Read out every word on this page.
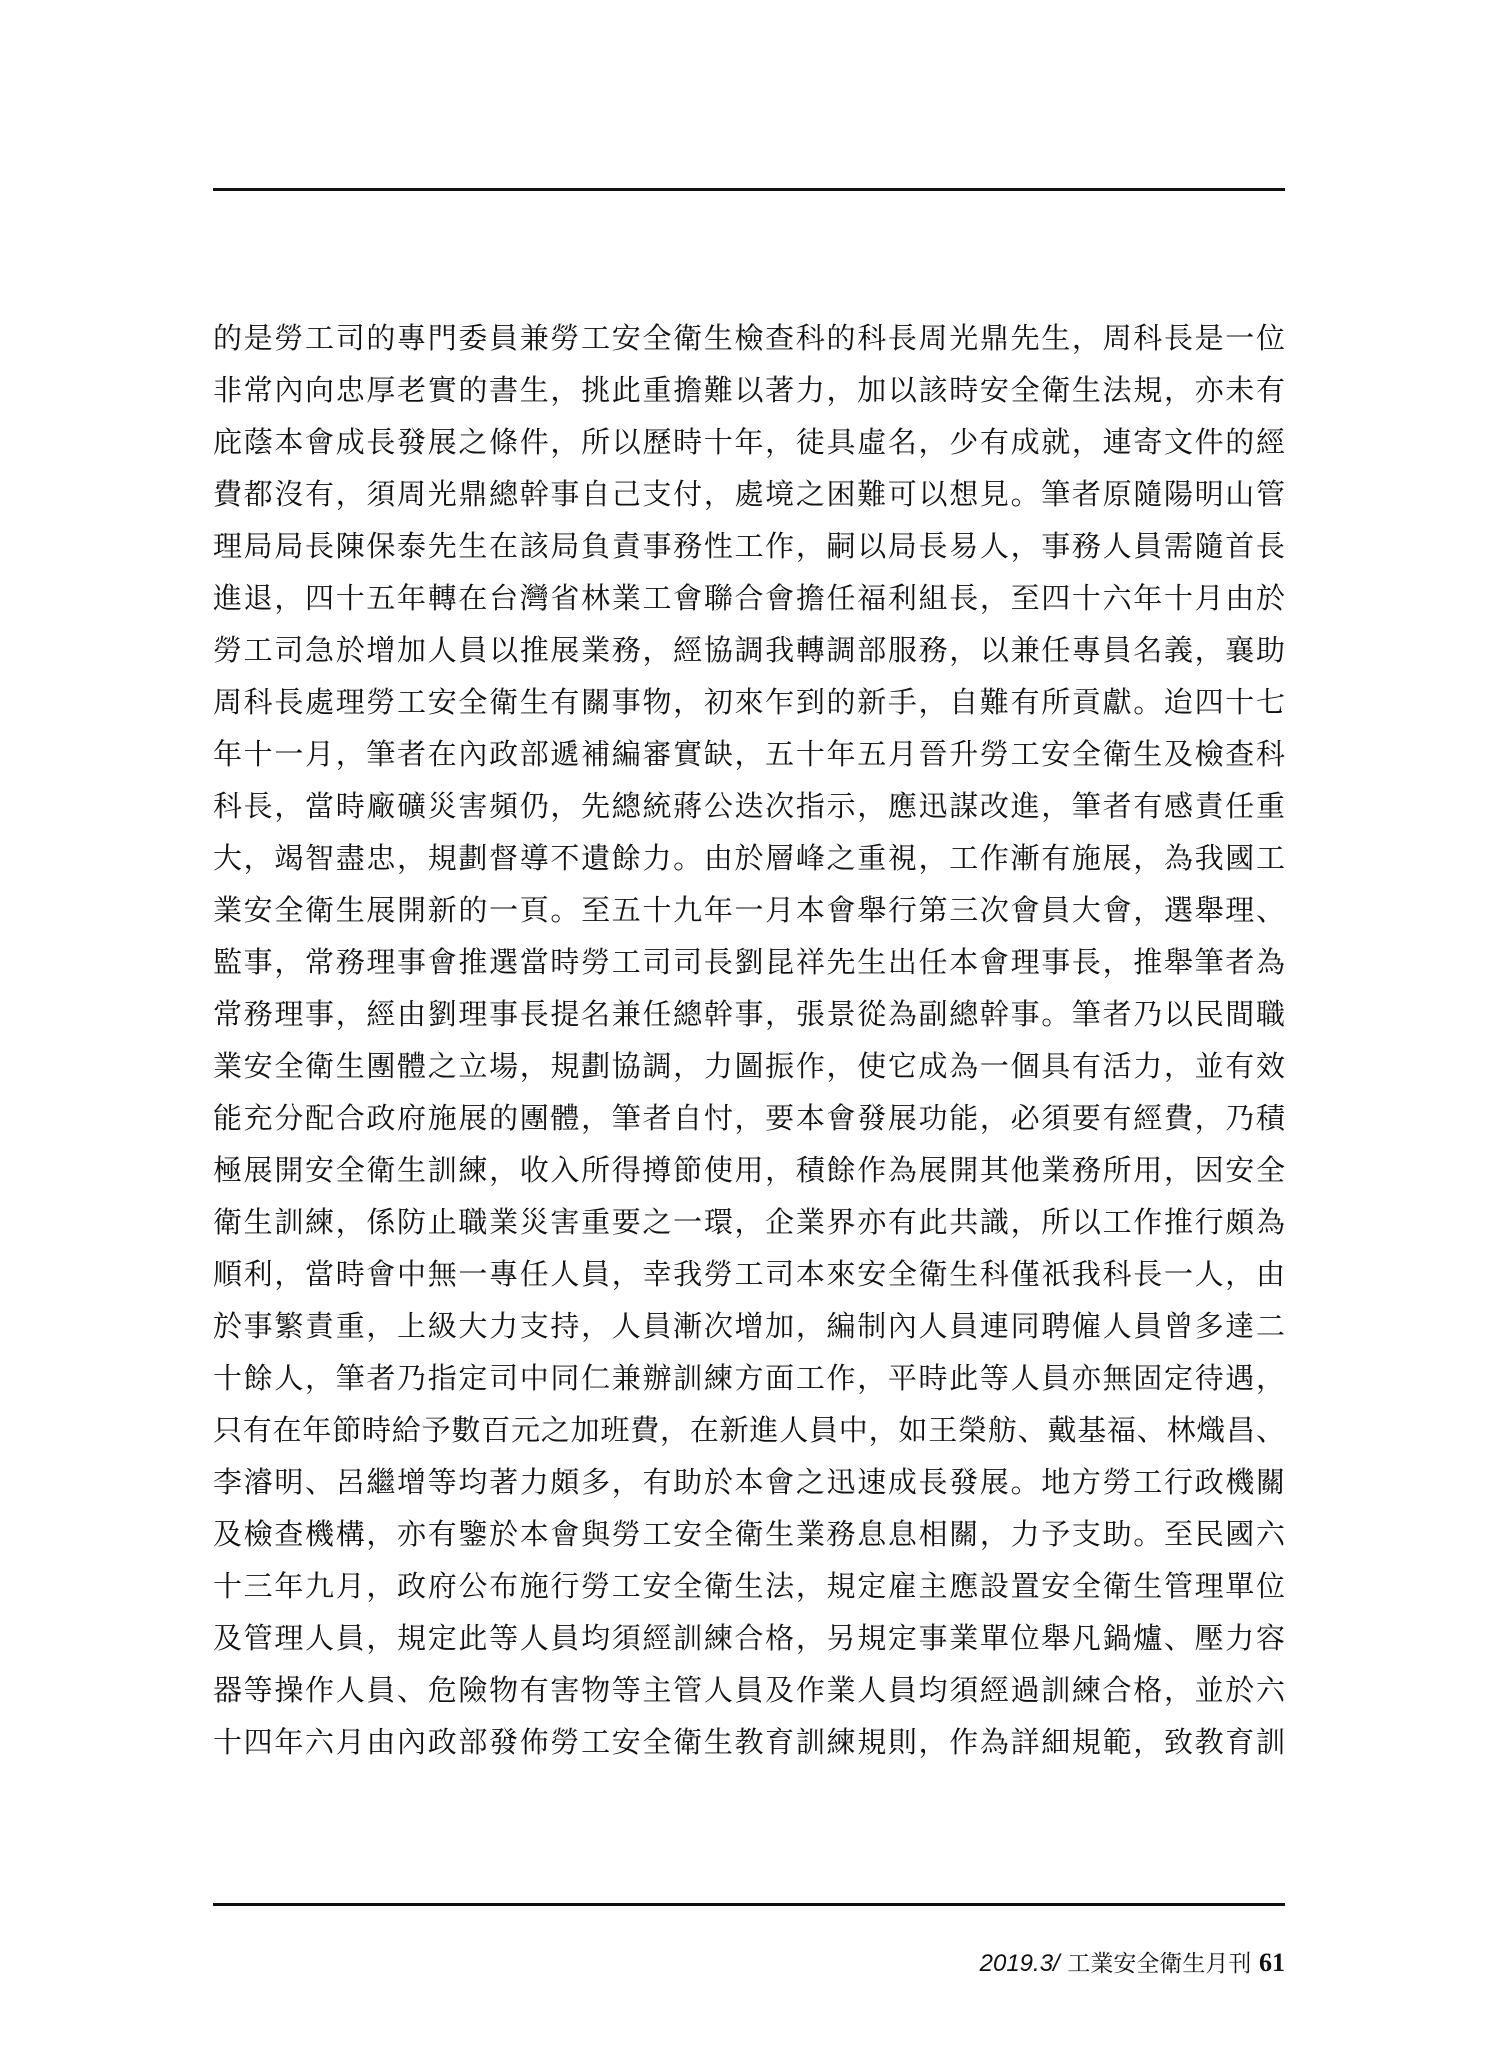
的是勞工司的專門委員兼勞工安全衛生檢查科的科長周光鼎先生，周科長是一位
非常內向忠厚老實的書生，挑此重擔難以著力，加以該時安全衛生法規，亦未有
庇蔭本會成長發展之條件，所以歷時十年，徒具虛名，少有成就，連寄文件的經
費都沒有，須周光鼎總幹事自己支付，處境之困難可以想見。筆者原隨陽明山管
理局局長陳保泰先生在該局負責事務性工作，嗣以局長易人，事務人員需隨首長
進退，四十五年轉在台灣省林業工會聯合會擔任福利組長，至四十六年十月由於
勞工司急於增加人員以推展業務，經協調我轉調部服務，以兼任專員名義，襄助
周科長處理勞工安全衛生有關事物，初來乍到的新手，自難有所貢獻。迨四十七
年十一月，筆者在內政部遞補編審實缺，五十年五月晉升勞工安全衛生及檢查科
科長，當時廠礦災害頻仍，先總統蔣公迭次指示，應迅謀改進，筆者有感責任重
大，竭智盡忠，規劃督導不遺餘力。由於層峰之重視，工作漸有施展，為我國工
業安全衛生展開新的一頁。至五十九年一月本會舉行第三次會員大會，選舉理、
監事，常務理事會推選當時勞工司司長劉昆祥先生出任本會理事長，推舉筆者為
常務理事，經由劉理事長提名兼任總幹事，張景從為副總幹事。筆者乃以民間職
業安全衛生團體之立場，規劃協調，力圖振作，使它成為一個具有活力，並有效
能充分配合政府施展的團體，筆者自忖，要本會發展功能，必須要有經費，乃積
極展開安全衛生訓練，收入所得撙節使用，積餘作為展開其他業務所用，因安全
衛生訓練，係防止職業災害重要之一環，企業界亦有此共識，所以工作推行頗為
順利，當時會中無一專任人員，幸我勞工司本來安全衛生科僅祇我科長一人，由
於事繁責重，上級大力支持，人員漸次增加，編制內人員連同聘僱人員曾多達二
十餘人，筆者乃指定司中同仁兼辦訓練方面工作，平時此等人員亦無固定待遇，
只有在年節時給予數百元之加班費，在新進人員中，如王榮舫、戴基福、林熾昌、
李濬明、呂繼增等均著力頗多，有助於本會之迅速成長發展。地方勞工行政機關
及檢查機構，亦有鑒於本會與勞工安全衛生業務息息相關，力予支助。至民國六
十三年九月，政府公布施行勞工安全衛生法，規定雇主應設置安全衛生管理單位
及管理人員，規定此等人員均須經訓練合格，另規定事業單位舉凡鍋爐、壓力容
器等操作人員、危險物有害物等主管人員及作業人員均須經過訓練合格，並於六
十四年六月由內政部發佈勞工安全衛生教育訓練規則，作為詳細規範，致教育訓
2019.3/ 工業安全衛生月刊 61
